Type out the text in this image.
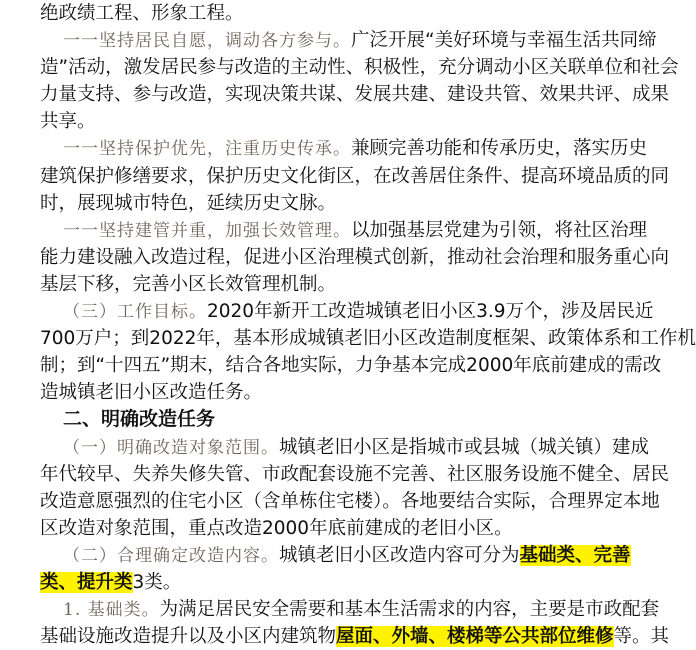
绝政绩工程、形象工程。
一一坚持居民自愿，调动各方参与。广泛开展“美好环境与幸福生活共同缔
造”活动，激发居民参与改造的主动性、积极性，充分调动小区关联单位和社会
力量支持、参与改造，实现决策共谋、发展共建、建设共管、效果共评、成果
共享。
一一坚持保护优先，注重历史传承。兼顾完善功能和传承历史，落实历史
建筑保护修缮要求，保护历史文化街区，在改善居住条件、提高环境品质的同
时，展现城市特色，延续历史文脉。
一一坚持建管并重，加强长效管理。以加强基层党建为引领，将社区治理
能力建设融入改造过程，促进小区治理模式创新，推动社会治理和服务重心向
基层下移，完善小区长效管理机制。
（三）工作目标。2020年新开工改造城镇老旧小区3.9万个，涉及居民近
700万户；到2022年，基本形成城镇老旧小区改造制度框架、政策体系和工作机
制；到“十四五”期末，结合各地实际，力争基本完成2000年底前建成的需改
造城镇老旧小区改造任务。
二、明确改造任务
（一）明确改造对象范围。城镇老旧小区是指城市或县城（城关镇）建成
年代较早、失养失修失管、市政配套设施不完善、社区服务设施不健全、居民
改造意愿强烈的住宅小区（含单栋住宅楼）。各地要结合实际，合理界定本地
区改造对象范围，重点改造2000年底前建成的老旧小区。
（二）合理确定改造内容。城镇老旧小区改造内容可分为基础类、完善
类、提升类3类。
1. 基础类。为满足居民安全需要和基本生活需求的内容，主要是市政配套
基础设施改造提升以及小区内建筑物屋面、外墙、楼梯等公共部位维修等。其
